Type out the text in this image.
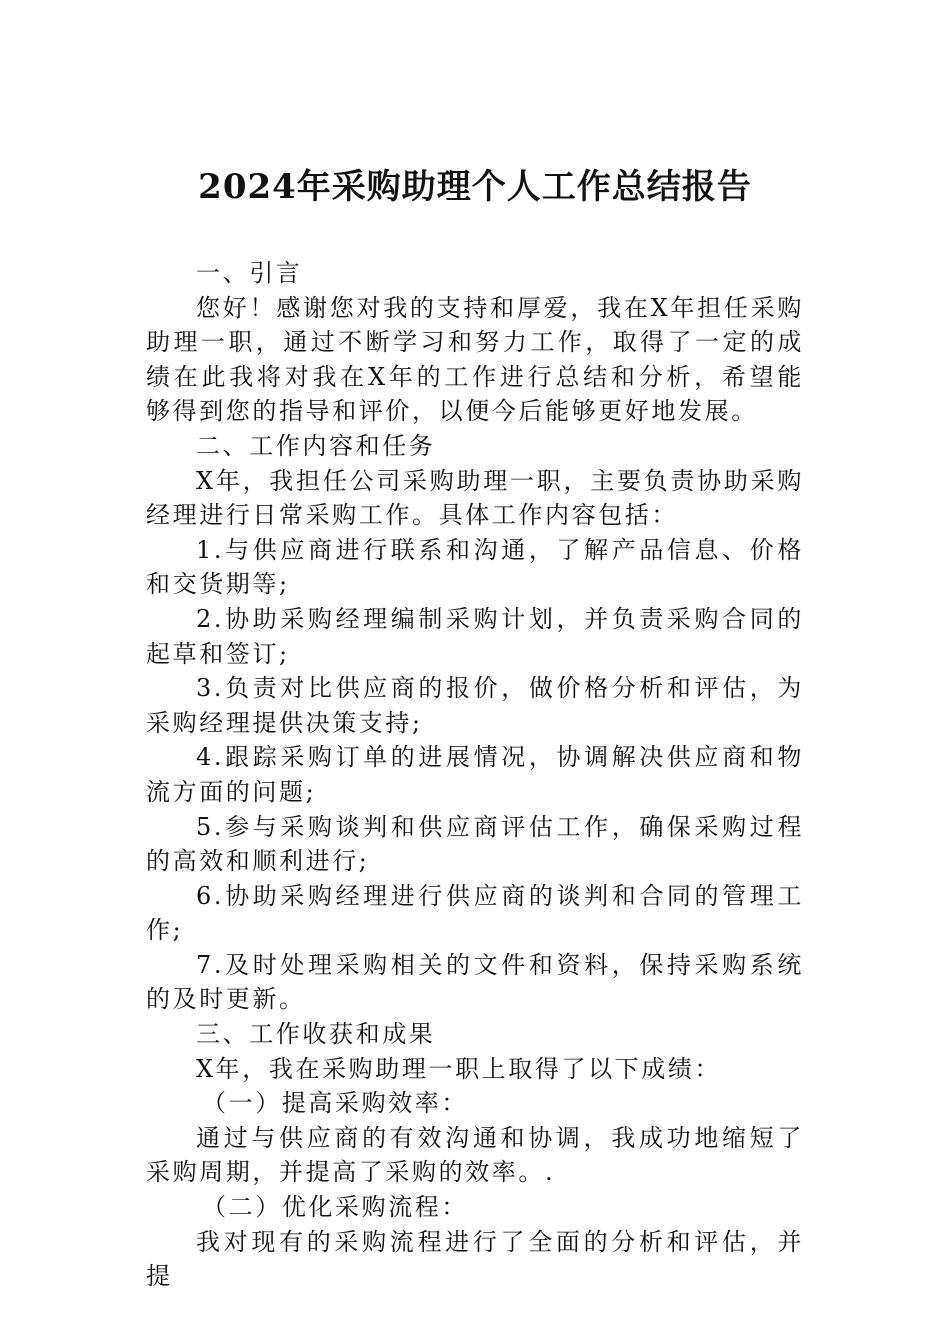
2024年采购助理个人工作总结报告

一、引言

您好！感谢您对我的支持和厚爱，我在X年担任采购助理一职，通过不断学习和努力工作，取得了一定的成绩在此我将对我在X年的工作进行总结和分析，希望能够得到您的指导和评价，以便今后能够更好地发展。

二、工作内容和任务

X年，我担任公司采购助理一职，主要负责协助采购经理进行日常采购工作。具体工作内容包括：

1.与供应商进行联系和沟通，了解产品信息、价格和交货期等;

2.协助采购经理编制采购计划，并负责采购合同的起草和签订;

3.负责对比供应商的报价，做价格分析和评估，为采购经理提供决策支持;

4.跟踪采购订单的进展情况，协调解决供应商和物流方面的问题;

5.参与采购谈判和供应商评估工作，确保采购过程的高效和顺利进行;

6.协助采购经理进行供应商的谈判和合同的管理工作;

7.及时处理采购相关的文件和资料，保持采购系统的及时更新。

三、工作收获和成果

X年，我在采购助理一职上取得了以下成绩：

（一）提高采购效率：

通过与供应商的有效沟通和协调，我成功地缩短了采购周期，并提高了采购的效率。.

（二）优化采购流程：

我对现有的采购流程进行了全面的分析和评估，并提
